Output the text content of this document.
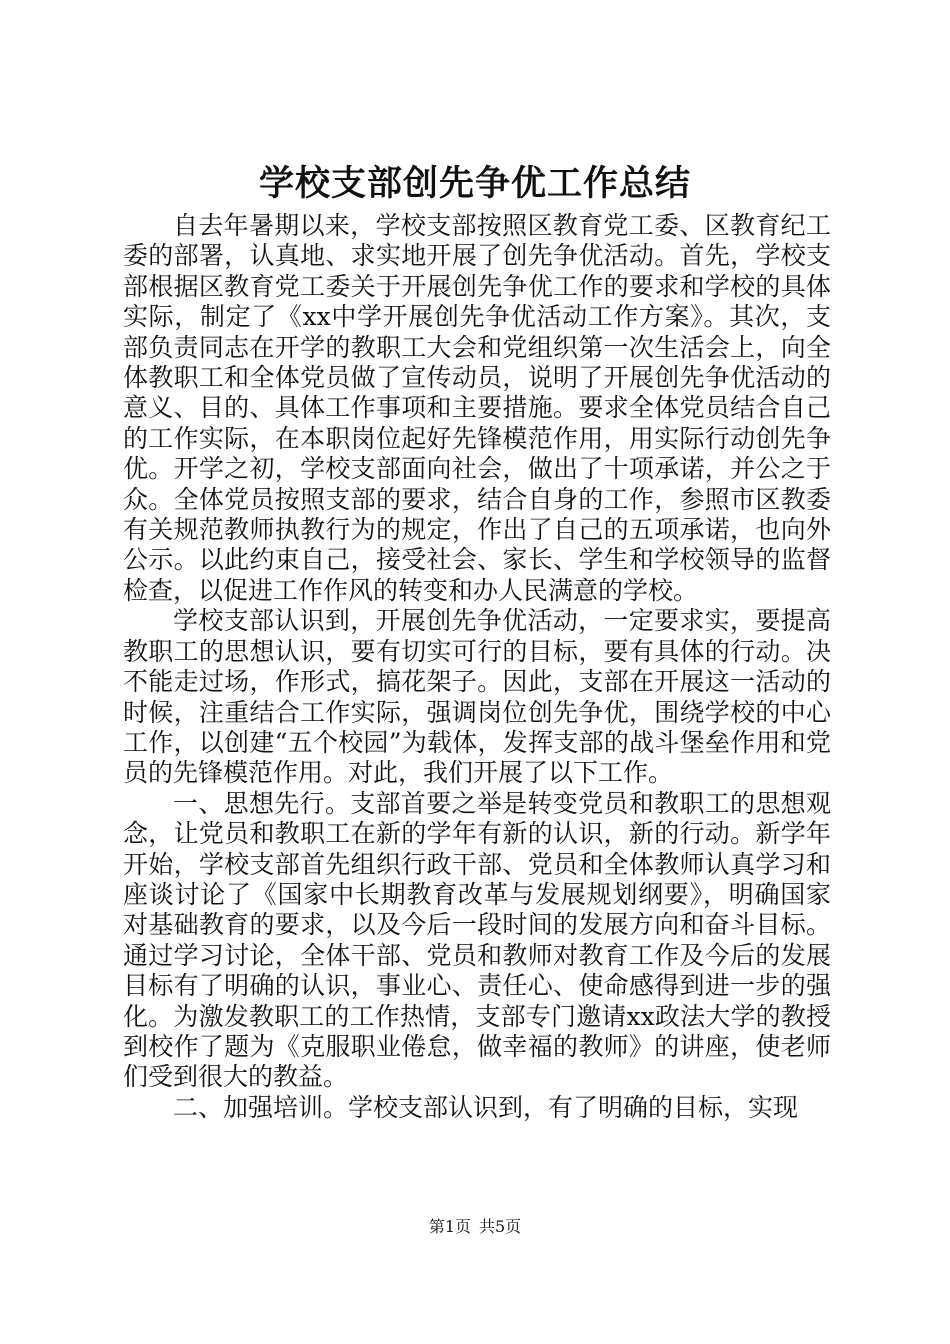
学校支部创先争优工作总结

自去年暑期以来，学校支部按照区教育党工委、区教育纪工委的部署，认真地、求实地开展了创先争优活动。首先，学校支部根据区教育党工委关于开展创先争优工作的要求和学校的具体实际，制定了《xx中学开展创先争优活动工作方案》。其次，支部负责同志在开学的教职工大会和党组织第一次生活会上，向全体教职工和全体党员做了宣传动员，说明了开展创先争优活动的意义、目的、具体工作事项和主要措施。要求全体党员结合自己的工作实际，在本职岗位起好先锋模范作用，用实际行动创先争优。开学之初，学校支部面向社会，做出了十项承诺，并公之于众。全体党员按照支部的要求，结合自身的工作，参照市区教委有关规范教师执教行为的规定，作出了自己的五项承诺，也向外公示。以此约束自己，接受社会、家长、学生和学校领导的监督检查，以促进工作作风的转变和办人民满意的学校。

学校支部认识到，开展创先争优活动，一定要求实，要提高教职工的思想认识，要有切实可行的目标，要有具体的行动。决不能走过场，作形式，搞花架子。因此，支部在开展这一活动的时候，注重结合工作实际，强调岗位创先争优，围绕学校的中心工作，以创建“五个校园”为载体，发挥支部的战斗堡垒作用和党员的先锋模范作用。对此，我们开展了以下工作。

一、思想先行。支部首要之举是转变党员和教职工的思想观念，让党员和教职工在新的学年有新的认识，新的行动。新学年开始，学校支部首先组织行政干部、党员和全体教师认真学习和座谈讨论了《国家中长期教育改革与发展规划纲要》，明确国家对基础教育的要求，以及今后一段时间的发展方向和奋斗目标。通过学习讨论，全体干部、党员和教师对教育工作及今后的发展目标有了明确的认识，事业心、责任心、使命感得到进一步的强化。为激发教职工的工作热情，支部专门邀请xx政法大学的教授到校作了题为《克服职业倦怠，做幸福的教师》的讲座，使老师们受到很大的教益。

二、加强培训。学校支部认识到，有了明确的目标，实现

第1页 共5页
